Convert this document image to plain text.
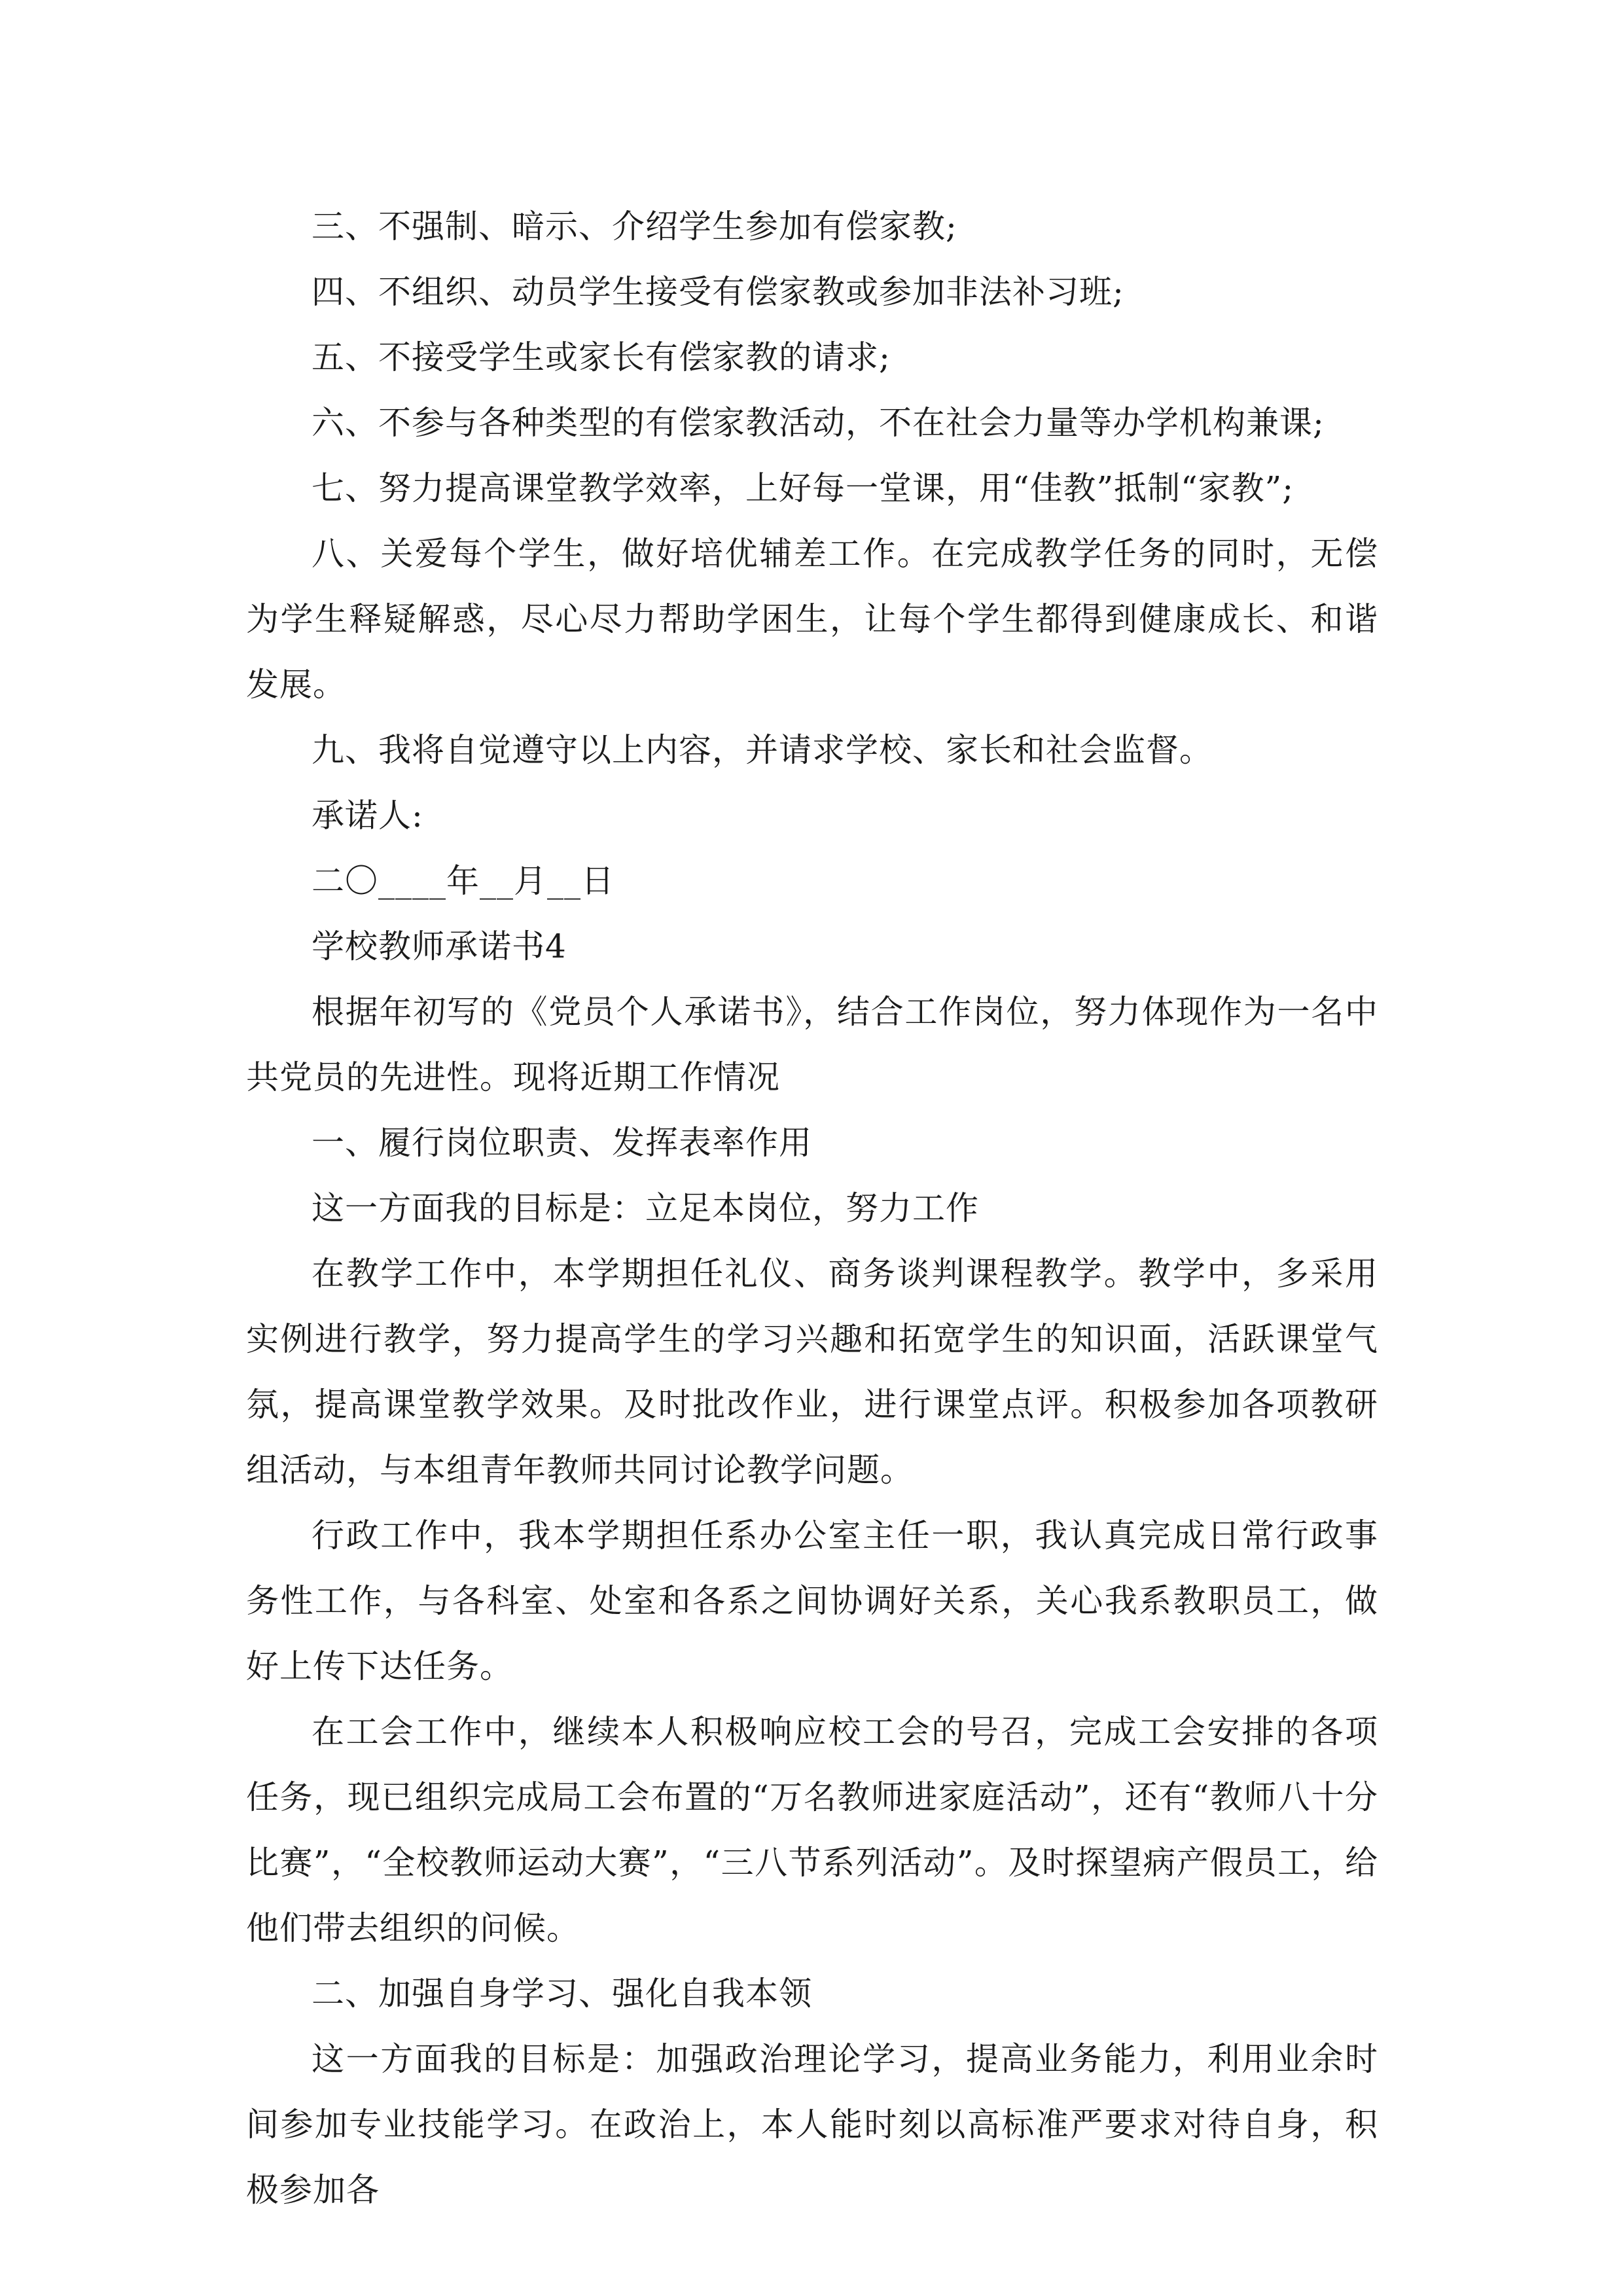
三、不强制、暗示、介绍学生参加有偿家教;

四、不组织、动员学生接受有偿家教或参加非法补习班;

五、不接受学生或家长有偿家教的请求;

六、不参与各种类型的有偿家教活动，不在社会力量等办学机构兼课;

七、努力提高课堂教学效率，上好每一堂课，用“佳教”抵制“家教”;

八、关爱每个学生，做好培优辅差工作。在完成教学任务的同时，无偿为学生释疑解惑，尽心尽力帮助学困生，让每个学生都得到健康成长、和谐发展。

九、我将自觉遵守以上内容，并请求学校、家长和社会监督。

承诺人:

二〇____年__月__日

学校教师承诺书4

根据年初写的《党员个人承诺书》，结合工作岗位，努力体现作为一名中共党员的先进性。现将近期工作情况

一、履行岗位职责、发挥表率作用

这一方面我的目标是：立足本岗位，努力工作

在教学工作中，本学期担任礼仪、商务谈判课程教学。教学中，多采用实例进行教学，努力提高学生的学习兴趣和拓宽学生的知识面，活跃课堂气氛，提高课堂教学效果。及时批改作业，进行课堂点评。积极参加各项教研组活动，与本组青年教师共同讨论教学问题。

行政工作中，我本学期担任系办公室主任一职，我认真完成日常行政事务性工作，与各科室、处室和各系之间协调好关系，关心我系教职员工，做好上传下达任务。

在工会工作中，继续本人积极响应校工会的号召，完成工会安排的各项任务，现已组织完成局工会布置的“万名教师进家庭活动”，还有“教师八十分比赛”，“全校教师运动大赛”，“三八节系列活动”。及时探望病产假员工，给他们带去组织的问候。

二、加强自身学习、强化自我本领

这一方面我的目标是：加强政治理论学习，提高业务能力，利用业余时间参加专业技能学习。在政治上，本人能时刻以高标准严要求对待自身，积极参加各
